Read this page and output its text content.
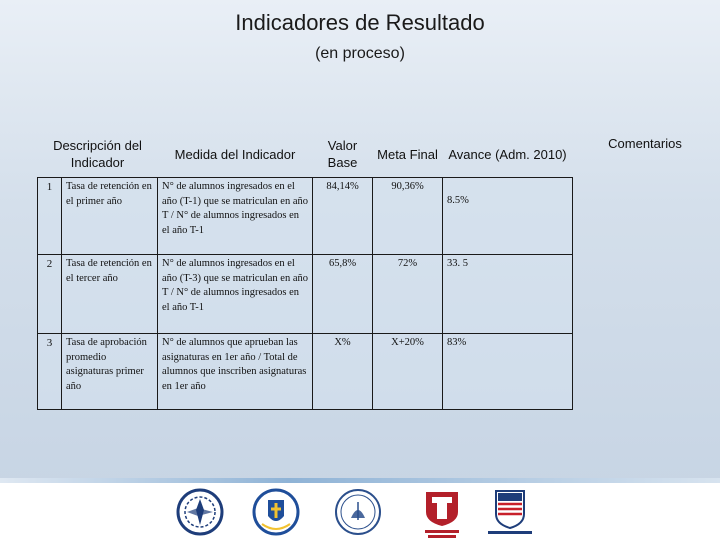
Indicadores de Resultado
(en proceso)
Descripción del Indicador		Medida del Indicador	Valor Base	Meta Final	Avance (Adm. 2010)
1	Tasa de retención en el primer año	N° de alumnos ingresados en el año (T-1) que se matriculan en año T / N° de alumnos ingresados en el año T-1	84,14%	90,36%	8.5%

2	Tasa de retención en el tercer año	N° de alumnos ingresados en el año (T-3) que se matriculan en año T / N° de alumnos ingresados en el año T-1	65,8%	72%	33. 5
3	Tasa de aprobación promedio asignaturas primer año	N° de alumnos que aprueban las asignaturas en 1er año / Total de alumnos que inscriben asignaturas en 1er año	X%	X+20%	83%
Comentarios
